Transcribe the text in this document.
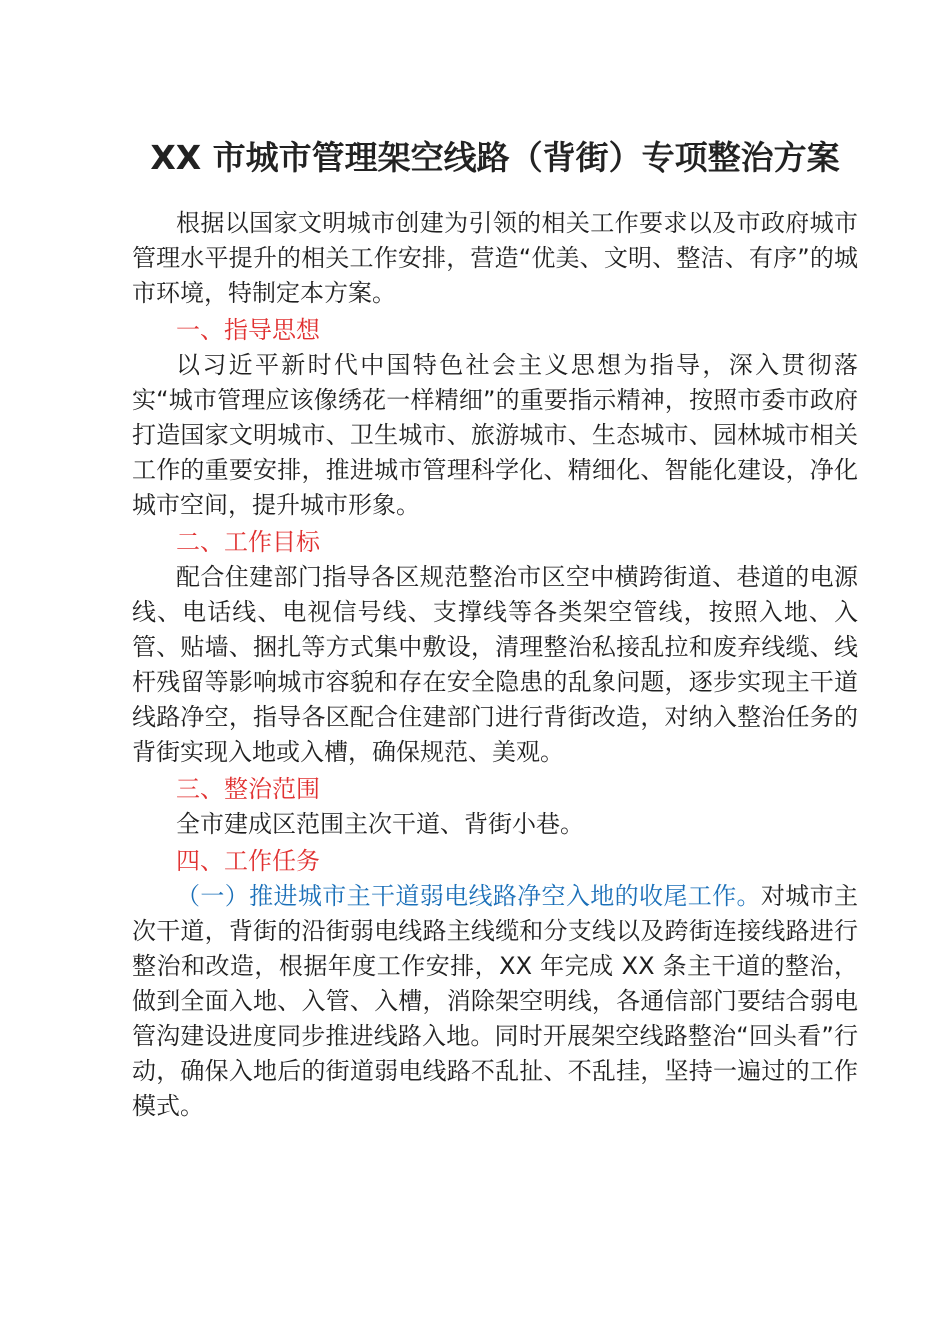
XX 市城市管理架空线路（背街）专项整治方案

根据以国家文明城市创建为引领的相关工作要求以及市政府城市管理水平提升的相关工作安排，营造“优美、文明、整洁、有序”的城市环境，特制定本方案。

一、指导思想

以习近平新时代中国特色社会主义思想为指导，深入贯彻落实“城市管理应该像绣花一样精细”的重要指示精神，按照市委市政府打造国家文明城市、卫生城市、旅游城市、生态城市、园林城市相关工作的重要安排，推进城市管理科学化、精细化、智能化建设，净化城市空间，提升城市形象。

二、工作目标

配合住建部门指导各区规范整治市区空中横跨街道、巷道的电源线、电话线、电视信号线、支撑线等各类架空管线，按照入地、入管、贴墙、捆扎等方式集中敷设，清理整治私接乱拉和废弃线缆、线杆残留等影响城市容貌和存在安全隐患的乱象问题，逐步实现主干道线路净空，指导各区配合住建部门进行背街改造，对纳入整治任务的背街实现入地或入槽，确保规范、美观。

三、整治范围

全市建成区范围主次干道、背街小巷。

四、工作任务

（一）推进城市主干道弱电线路净空入地的收尾工作。对城市主次干道，背街的沿街弱电线路主线缆和分支线以及跨街连接线路进行整治和改造，根据年度工作安排，XX 年完成 XX 条主干道的整治，做到全面入地、入管、入槽，消除架空明线，各通信部门要结合弱电管沟建设进度同步推进线路入地。同时开展架空线路整治“回头看”行动，确保入地后的街道弱电线路不乱扯、不乱挂，坚持一遍过的工作模式。
